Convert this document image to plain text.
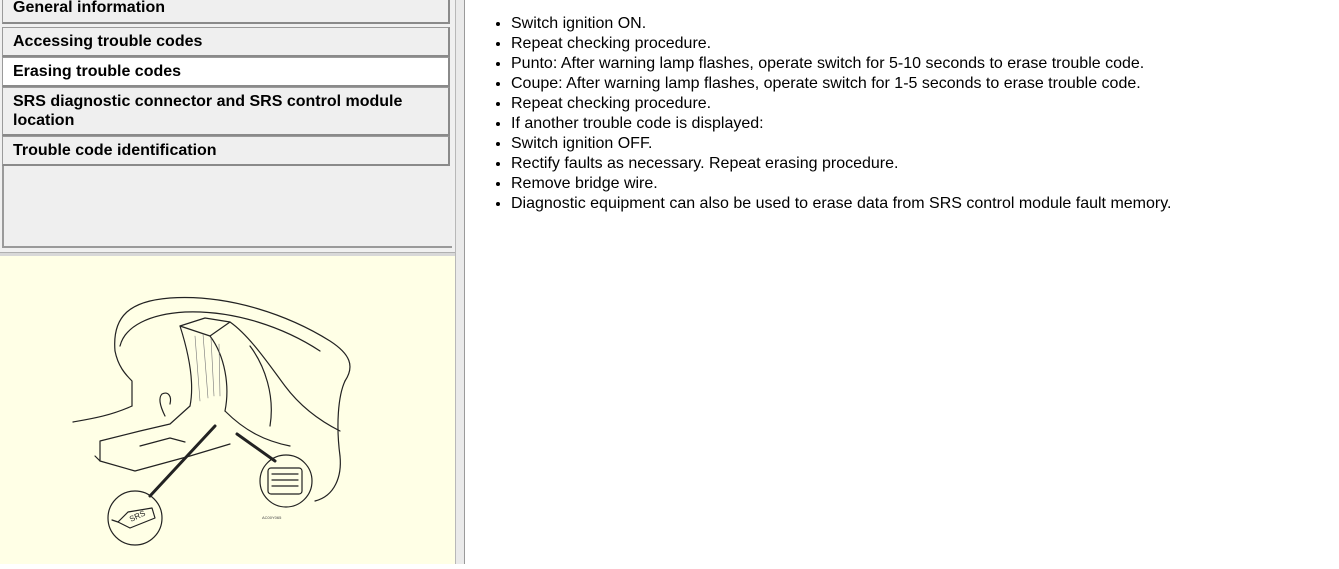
General information
Accessing trouble codes
Erasing trouble codes
SRS diagnostic connector and SRS control module location
Trouble code identification
SRS	AC00Y065
• Switch ignition ON.
• Repeat checking procedure.
• Punto: After warning lamp flashes, operate switch for 5-10 seconds to erase trouble code.
• Coupe: After warning lamp flashes, operate switch for 1-5 seconds to erase trouble code.
• Repeat checking procedure.
• If another trouble code is displayed:
• Switch ignition OFF.
• Rectify faults as necessary. Repeat erasing procedure.
• Remove bridge wire.
• Diagnostic equipment can also be used to erase data from SRS control module fault memory.
